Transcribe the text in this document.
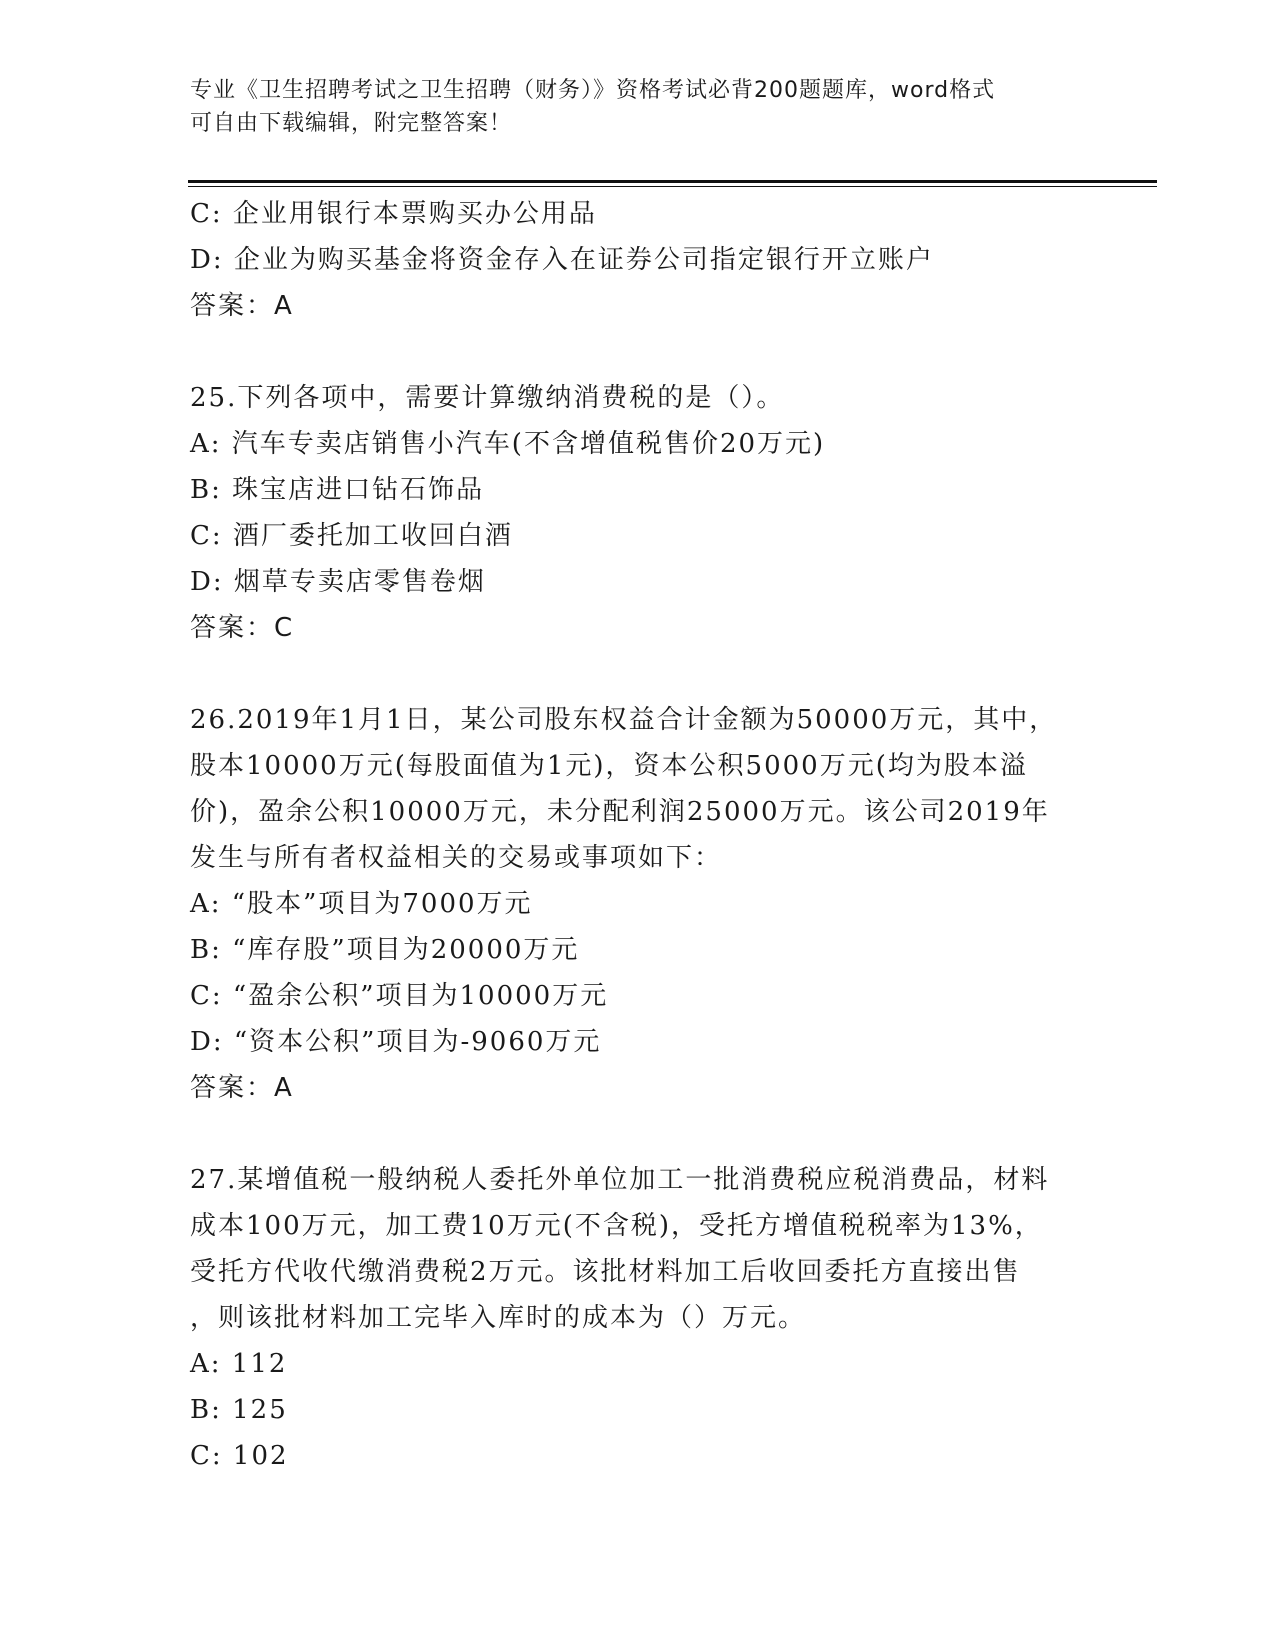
专业《卫生招聘考试之卫生招聘（财务）》资格考试必背200题题库，word格式
可自由下载编辑，附完整答案！
C: 企业用银行本票购买办公用品
D: 企业为购买基金将资金存入在证券公司指定银行开立账户
答案：A
25.下列各项中，需要计算缴纳消费税的是（）。
A: 汽车专卖店销售小汽车(不含增值税售价20万元)
B: 珠宝店进口钻石饰品
C: 酒厂委托加工收回白酒
D: 烟草专卖店零售卷烟
答案：C
26.2019年1月1日，某公司股东权益合计金额为50000万元，其中，
股本10000万元(每股面值为1元)，资本公积5000万元(均为股本溢
价)，盈余公积10000万元，未分配利润25000万元。该公司2019年
发生与所有者权益相关的交易或事项如下：
A: “股本”项目为7000万元
B: “库存股”项目为20000万元
C: “盈余公积”项目为10000万元
D: “资本公积”项目为-9060万元
答案：A
27.某增值税一般纳税人委托外单位加工一批消费税应税消费品，材料
成本100万元，加工费10万元(不含税)，受托方增值税税率为13%，
受托方代收代缴消费税2万元。该批材料加工后收回委托方直接出售
，则该批材料加工完毕入库时的成本为（）万元。
A: 112
B: 125
C: 102
